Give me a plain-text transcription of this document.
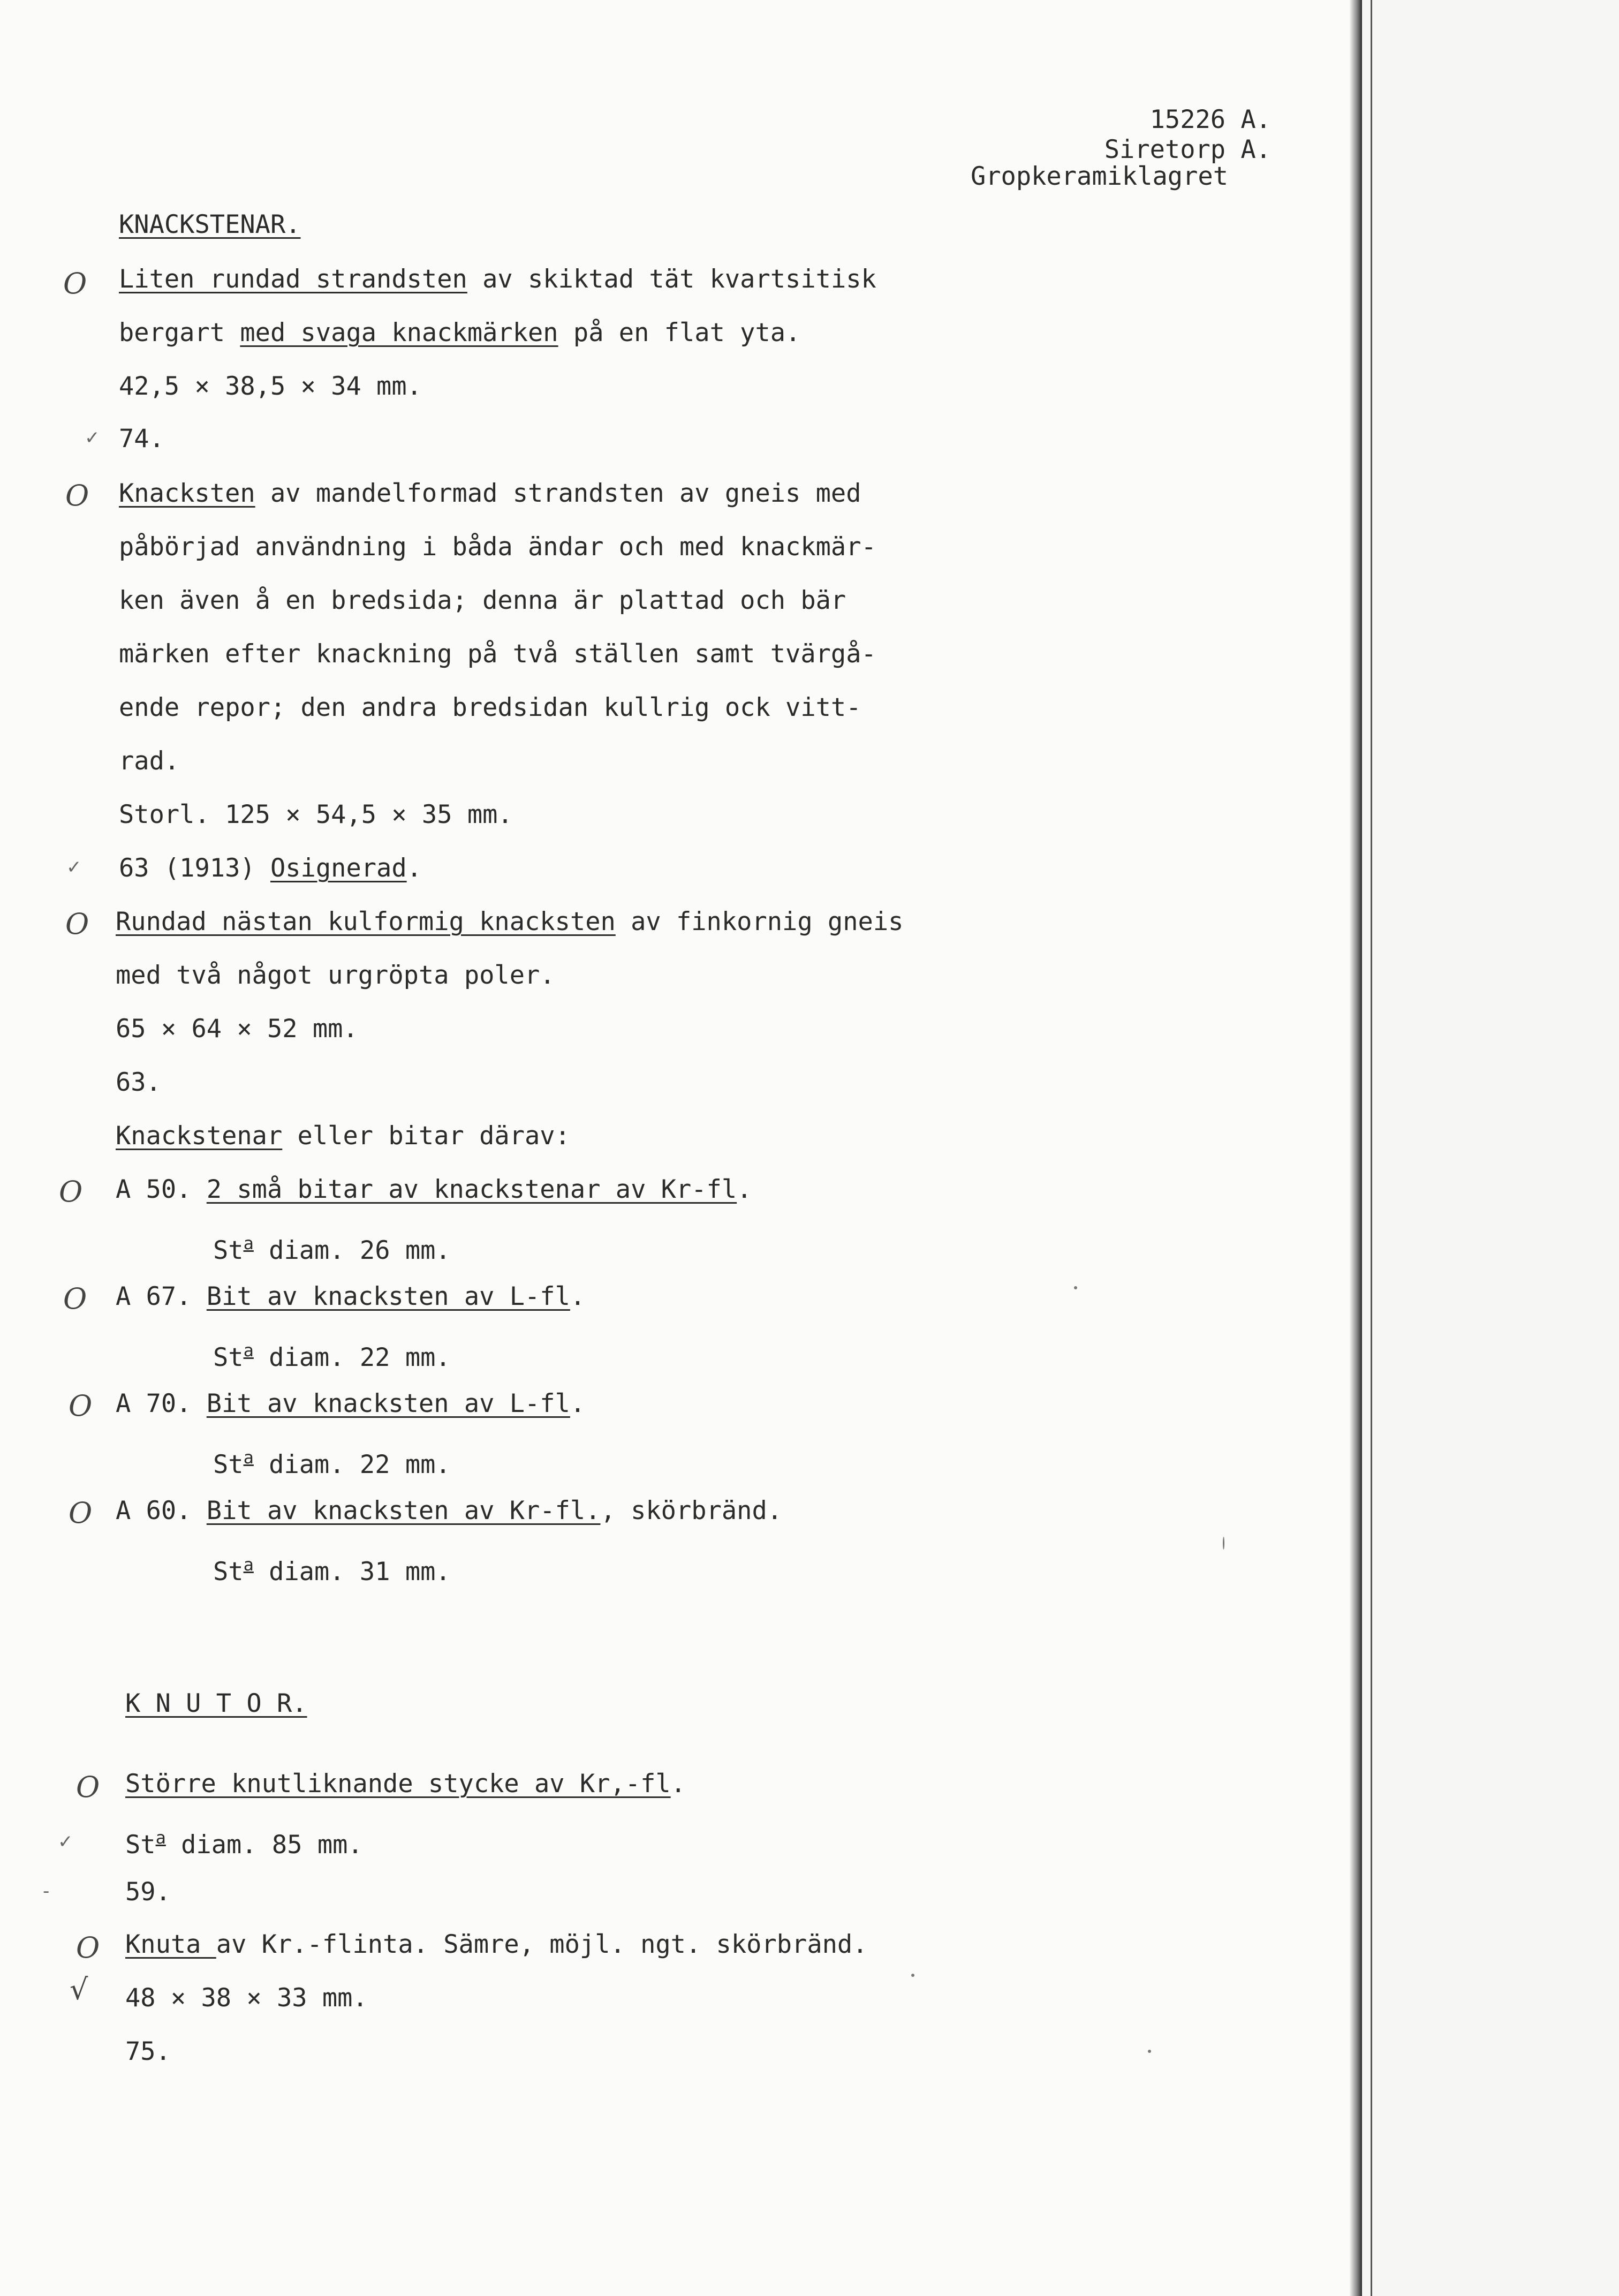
15226 A.
Siretorp A.
Gropkeramiklagret
KNACKSTENAR.
O Liten rundad strandsten av skiktad tät kvartsitisk
bergart med svaga knackmärken på en flat yta.
42,5 × 38,5 × 34 mm.
✓ 74.
O Knacksten av mandelformad strandsten av gneis med
påbörjad användning i båda ändar och med knackmär-
ken även å en bredsida; denna är plattad och bär
märken efter knackning på två ställen samt tvärgå-
ende repor; den andra bredsidan kullrig ock vitt-
rad.
Storl. 125 × 54,5 × 35 mm.
✓ 63 (1913) Osignerad.
O Rundad nästan kulformig knacksten av finkornig gneis
med två något urgröpta poler.
65 × 64 × 52 mm.
63.
Knackstenar eller bitar därav:
O A 50. 2 små bitar av knackstenar av Kr-fl.
St$^a$ diam. 26 mm.
O A 67. Bit av knacksten av L-fl.
St$^a$ diam. 22 mm.
O A 70. Bit av knacksten av L-fl.
St$^a$ diam. 22 mm.
O A 60. Bit av knacksten av Kr-fl., skörbränd.
St$^a$ diam. 31 mm.
K N U T O R.
O Större knutliknande stycke av Kr,-fl.
✓ St$^a$ diam. 85 mm.
-	59.
O Knuta av Kr.-flinta. Sämre, möjl. ngt. skörbränd.
√ 48 × 38 × 33 mm.
75.
